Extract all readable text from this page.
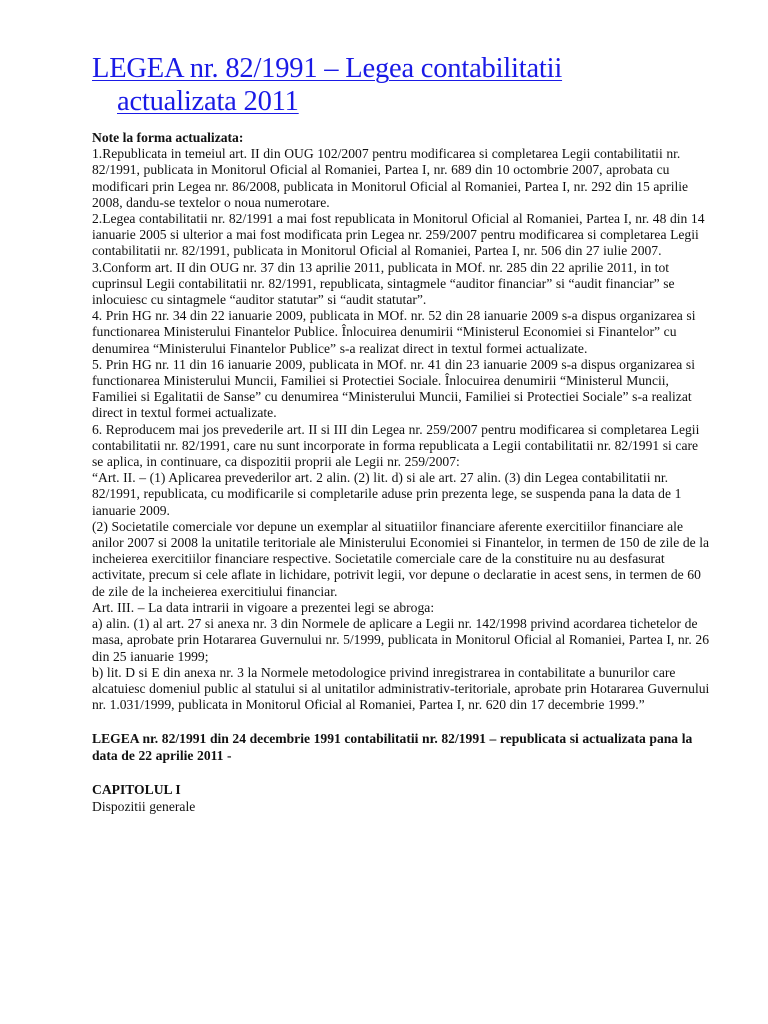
LEGEA nr. 82/1991 – Legea contabilitatii
actualizata 2011

Note la forma actualizata:

1.Republicata in temeiul art. II din OUG 102/2007 pentru modificarea si completarea Legii contabilitatii nr. 82/1991, publicata in Monitorul Oficial al Romaniei, Partea I, nr. 689 din 10 octombrie 2007, aprobata cu modificari prin Legea nr. 86/2008, publicata in Monitorul Oficial al Romaniei, Partea I, nr. 292 din 15 aprilie 2008, dandu-se textelor o noua numerotare.

2.Legea contabilitatii nr. 82/1991 a mai fost republicata in Monitorul Oficial al Romaniei, Partea I, nr. 48 din 14 ianuarie 2005 si ulterior a mai fost modificata prin Legea nr. 259/2007 pentru modificarea si completarea Legii contabilitatii nr. 82/1991, publicata in Monitorul Oficial al Romaniei, Partea I, nr. 506 din 27 iulie 2007.

3.Conform art. II din OUG nr. 37 din 13 aprilie 2011, publicata in MOf. nr. 285 din 22 aprilie 2011, in tot cuprinsul Legii contabilitatii nr. 82/1991, republicata, sintagmele “auditor financiar” si “audit financiar” se inlocuiesc cu sintagmele “auditor statutar” si “audit statutar”.

4. Prin HG nr. 34 din 22 ianuarie 2009, publicata in MOf. nr. 52 din 28 ianuarie 2009 s-a dispus organizarea si functionarea Ministerului Finantelor Publice. Înlocuirea denumirii “Ministerul Economiei si Finantelor” cu denumirea “Ministerului Finantelor Publice” s-a realizat direct in textul formei actualizate.

5. Prin HG nr. 11 din 16 ianuarie 2009, publicata in MOf. nr. 41 din 23 ianuarie 2009 s-a dispus organizarea si functionarea Ministerului Muncii, Familiei si Protectiei Sociale. Înlocuirea denumirii “Ministerul Muncii, Familiei si Egalitatii de Sanse” cu denumirea “Ministerului Muncii, Familiei si Protectiei Sociale” s-a realizat direct in textul formei actualizate.

6. Reproducem mai jos prevederile art. II si III din Legea nr. 259/2007 pentru modificarea si completarea Legii contabilitatii nr. 82/1991, care nu sunt incorporate in forma republicata a Legii contabilitatii nr. 82/1991 si care se aplica, in continuare, ca dispozitii proprii ale Legii nr. 259/2007:

“Art. II. – (1) Aplicarea prevederilor art. 2 alin. (2) lit. d) si ale art. 27 alin. (3) din Legea contabilitatii nr. 82/1991, republicata, cu modificarile si completarile aduse prin prezenta lege, se suspenda pana la data de 1 ianuarie 2009.

(2) Societatile comerciale vor depune un exemplar al situatiilor financiare aferente exercitiilor financiare ale anilor 2007 si 2008 la unitatile teritoriale ale Ministerului Economiei si Finantelor, in termen de 150 de zile de la incheierea exercitiilor financiare respective. Societatile comerciale care de la constituire nu au desfasurat activitate, precum si cele aflate in lichidare, potrivit legii, vor depune o declaratie in acest sens, in termen de 60 de zile de la incheierea exercitiului financiar.

Art. III. – La data intrarii in vigoare a prezentei legi se abroga:

a) alin. (1) al art. 27 si anexa nr. 3 din Normele de aplicare a Legii nr. 142/1998 privind acordarea tichetelor de masa, aprobate prin Hotararea Guvernului nr. 5/1999, publicata in Monitorul Oficial al Romaniei, Partea I, nr. 26 din 25 ianuarie 1999;

b) lit. D si E din anexa nr. 3 la Normele metodologice privind inregistrarea in contabilitate a bunurilor care alcatuiesc domeniul public al statului si al unitatilor administrativ-teritoriale, aprobate prin Hotararea Guvernului nr. 1.031/1999, publicata in Monitorul Oficial al Romaniei, Partea I, nr. 620 din 17 decembrie 1999.”

LEGEA nr. 82/1991 din 24 decembrie 1991 contabilitatii nr. 82/1991 – republicata si actualizata pana la data de 22 aprilie 2011 -

CAPITOLUL I

Dispozitii generale
